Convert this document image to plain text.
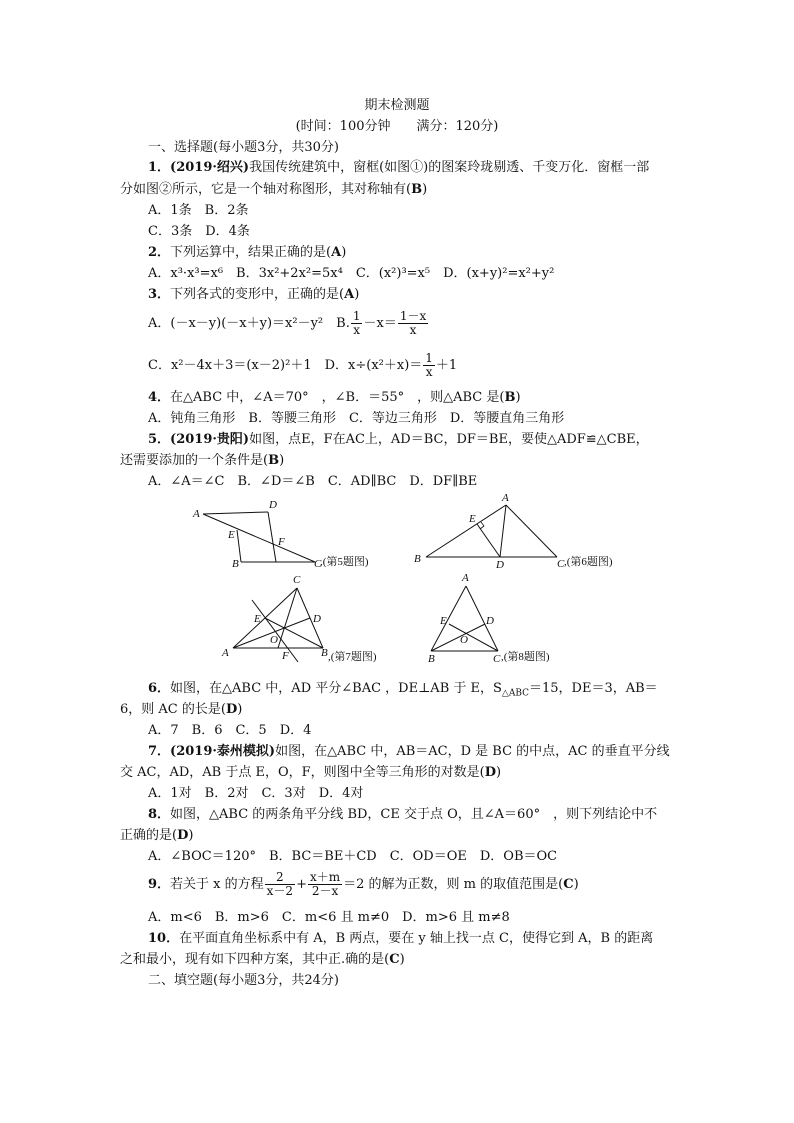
期末检测题
(时间：100分钟　　满分：120分)
一、选择题(每小题3分，共30分)
1．(2019·绍兴)我国传统建筑中，窗框(如图①)的图案玲珑剔透、千变万化．窗框一部
分如图②所示，它是一个轴对称图形，其对称轴有(B)
A．1条　B．2条
C．3条　D．4条
2．下列运算中，结果正确的是(A)
A．x³·x³=x⁶　B．3x²+2x²=5x⁴　C．(x²)³=x⁵　D．(x+y)²=x²+y²
3．下列各式的变形中，正确的是(A)
A．(－x－y)(－x＋y)＝x²－y²　 B. $\frac{1}{x} -x= \frac{1-x}{x}$
C．x²－4x＋3＝(x－2)²＋1　 D．$x\div(x^2+x)= \frac{1}{x} +1$
4．在△ABC 中，∠A＝70°　，∠B．＝55°　，则△ABC 是(B)
A．钝角三角形　B．等腰三角形　C．等边三角形　D．等腰直角三角形
5．(2019·贵阳)如图，点E，F在AC上，AD＝BC，DF＝BE，要使△ADF≌△CBE，
还需要添加的一个条件是(B)
A．∠A＝∠C　B．∠D＝∠B　C．AD∥BC　D．DF∥BE
A
D
E
F
B	C
,(第5题图)
A
E
B	D	C ,(第6题图)
C
E	D
O
A	F	B ,(第7题图)
A
E	D
O
B	C ,(第8题图)
6．如图，在△ABC 中，AD 平分∠BAC ，DE⊥AB 于 E，$S_{\triangle ABC}=15$，DE＝3，AB＝
6，则 AC 的长是(D)
A．7　B．6　C．5　D．4
7．(2019·泰州模拟)如图，在△ABC 中，AB＝AC，D 是 BC 的中点，AC 的垂直平分线
交 AC，AD，AB 于点 E，O，F，则图中全等三角形的对数是(D)
A．1对　B．2对　C．3对　D．4对
8．如图，△ABC 的两条角平分线 BD，CE 交于点 O，且∠A＝60°　，则下列结论中不
正确的是(D)
A．∠BOC＝120°　B．BC＝BE＋CD　C．OD＝OE　D．OB＝OC
9．若关于 x 的方程 $\frac{2}{x-2} + \frac{x+m}{2-x} =2$ 的解为正数，则 m 的取值范围是(C)
A．m<6　B．m>6　C．m<6 且 m≠0　D．m>6 且 m≠8
10．在平面直角坐标系中有 A，B 两点，要在 y 轴上找一点 C，使得它到 A，B 的距离
之和最小，现有如下四种方案，其中正.确的是(C)
二、填空题(每小题3分，共24分)
